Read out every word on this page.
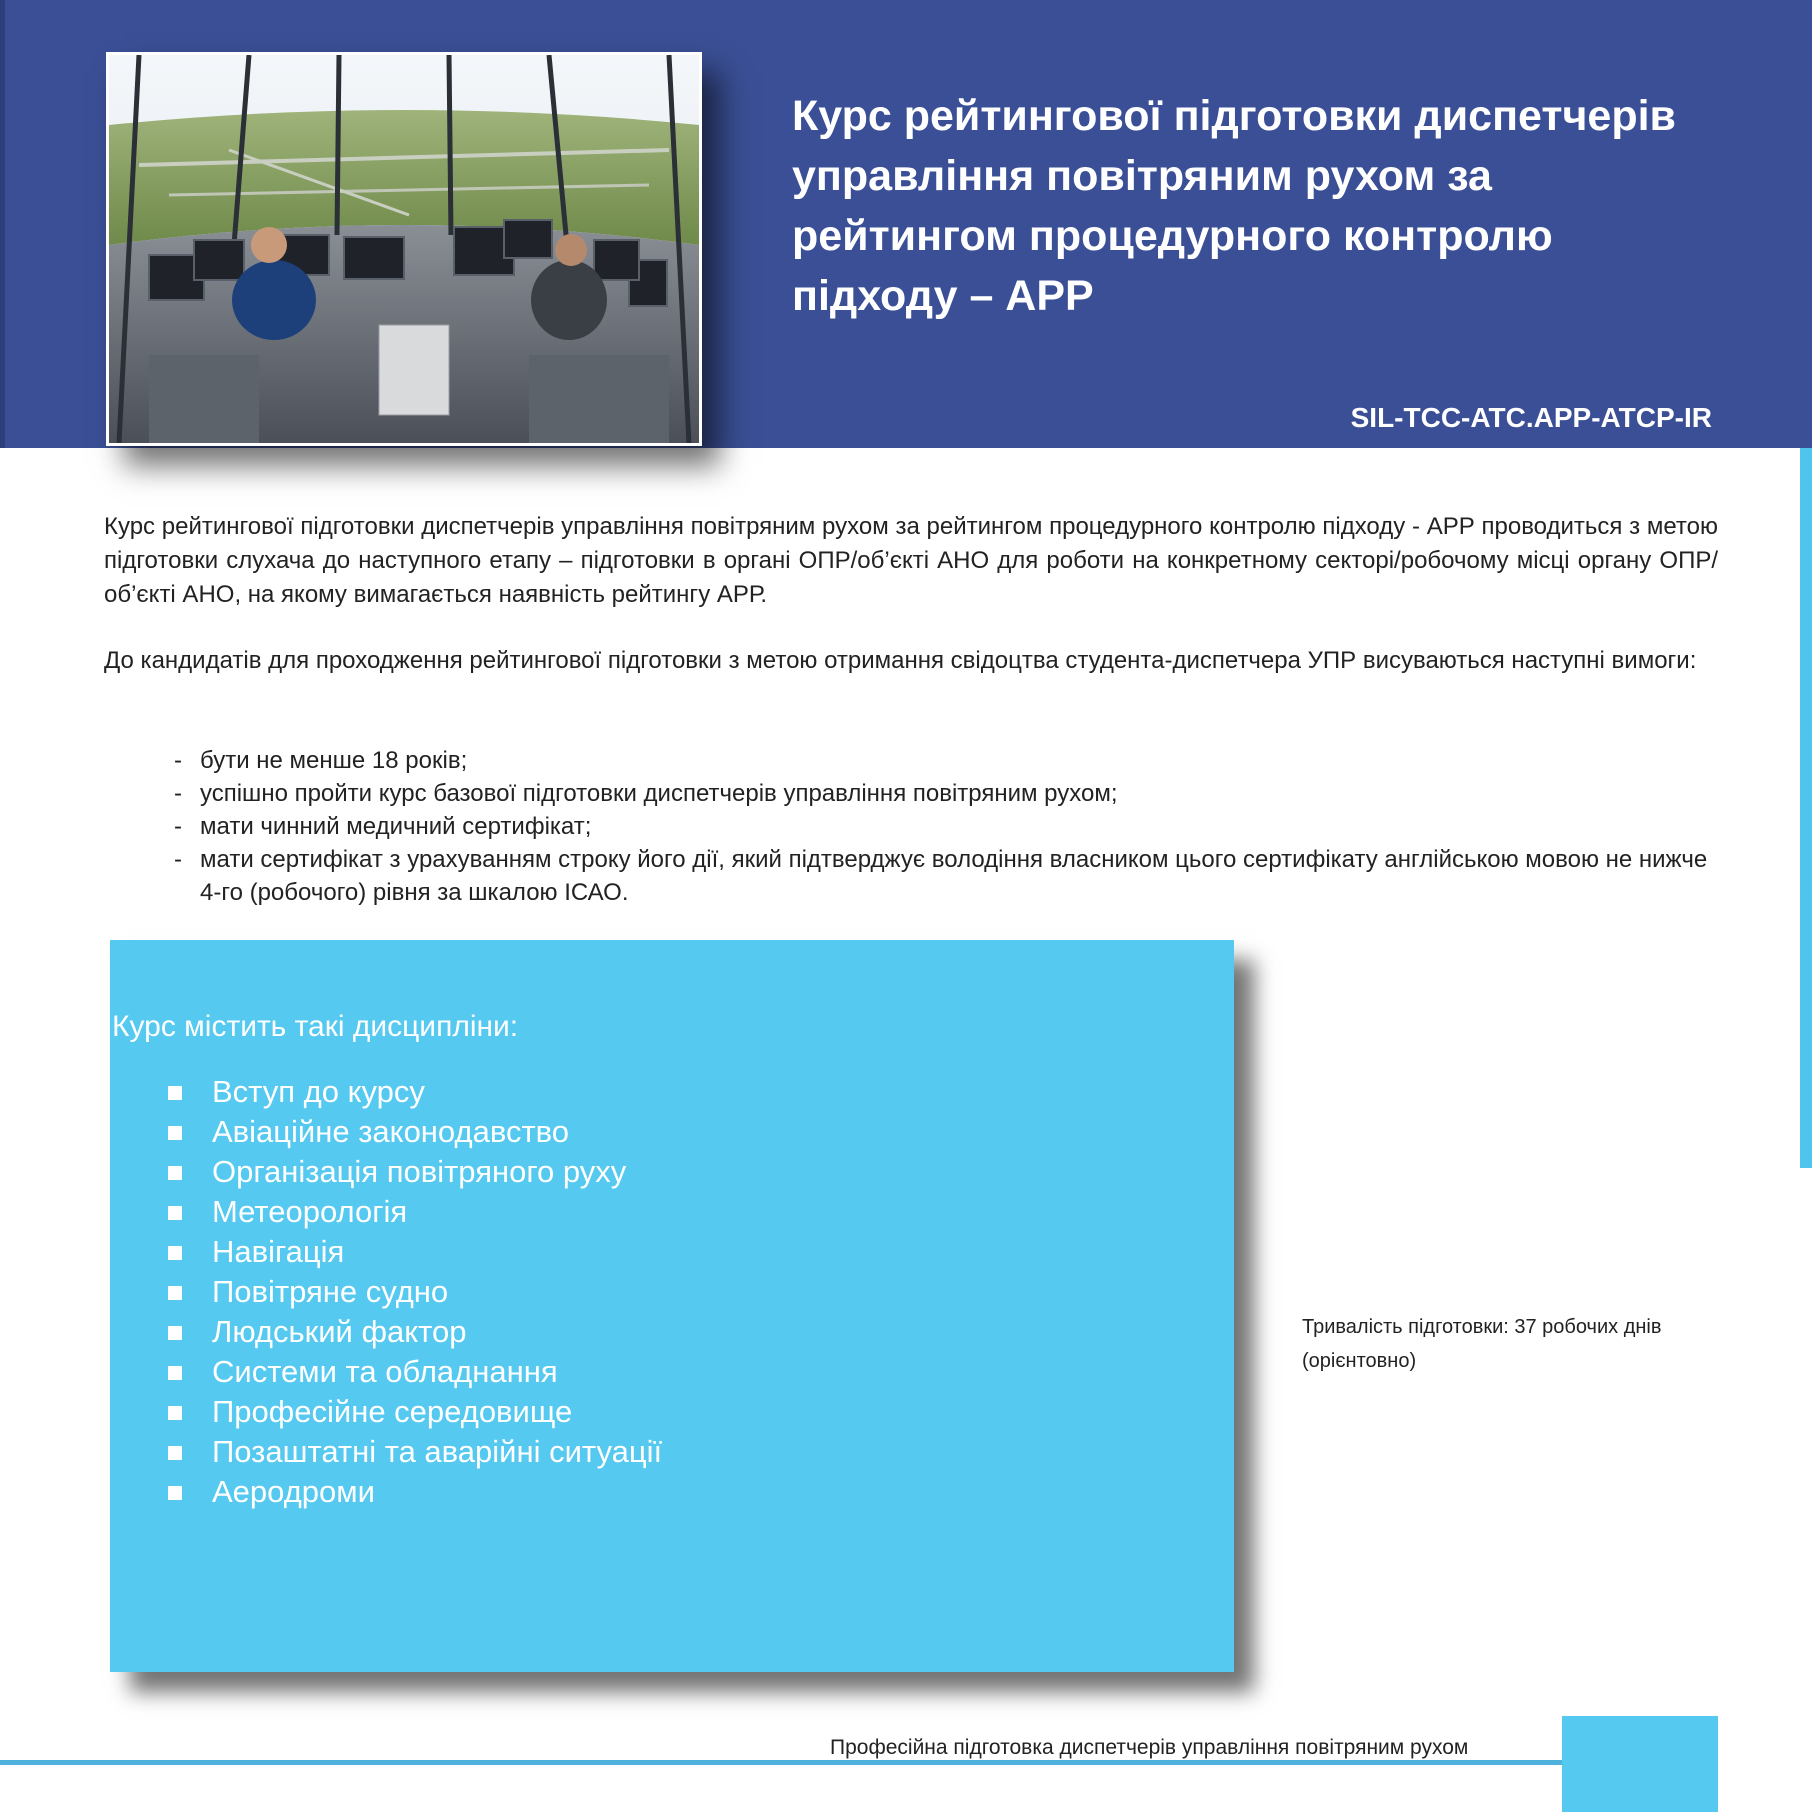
Курс рейтингової підготовки диспетчерів
управління повітряним рухом за
рейтингом процедурного контролю
підходу – АРР
SIL-TCC-ATC.APP-ATCP-IR

Курс рейтингової підготовки диспетчерів управління повітряним рухом за рейтингом процедурного контролю підходу - АРР проводиться з метою підготовки слухача до наступного етапу – підготовки в органі ОПР/об’єкті АНО для роботи на конкретному секторі/робочому місці органу ОПР/об’єкті АНО, на якому вимагається наявність рейтингу АРР.

До кандидатів для проходження рейтингової підготовки з метою отримання свідоцтва студента-диспетчера УПР висуваються наступні вимоги:

- бути не менше 18 років;
- успішно пройти курс базової підготовки диспетчерів управління повітряним рухом;
- мати чинний медичний сертифікат;
- мати сертифікат з урахуванням строку його дії, який підтверджує володіння власником цього сертифікату англійською мовою не нижче 4-го (робочого) рівня за шкалою ІСАО.
Курс містить такі дисципліни:
Вступ до курсу
Авіаційне законодавство
Організація повітряного руху
Метеорологія
Навігація
Повітряне судно
Людський фактор
Системи та обладнання
Професійне середовище
Позаштатні та аварійні ситуації
Аеродроми
Тривалість підготовки: 37 робочих днів
(орієнтовно)
Професійна підготовка диспетчерів управління повітряним рухом
